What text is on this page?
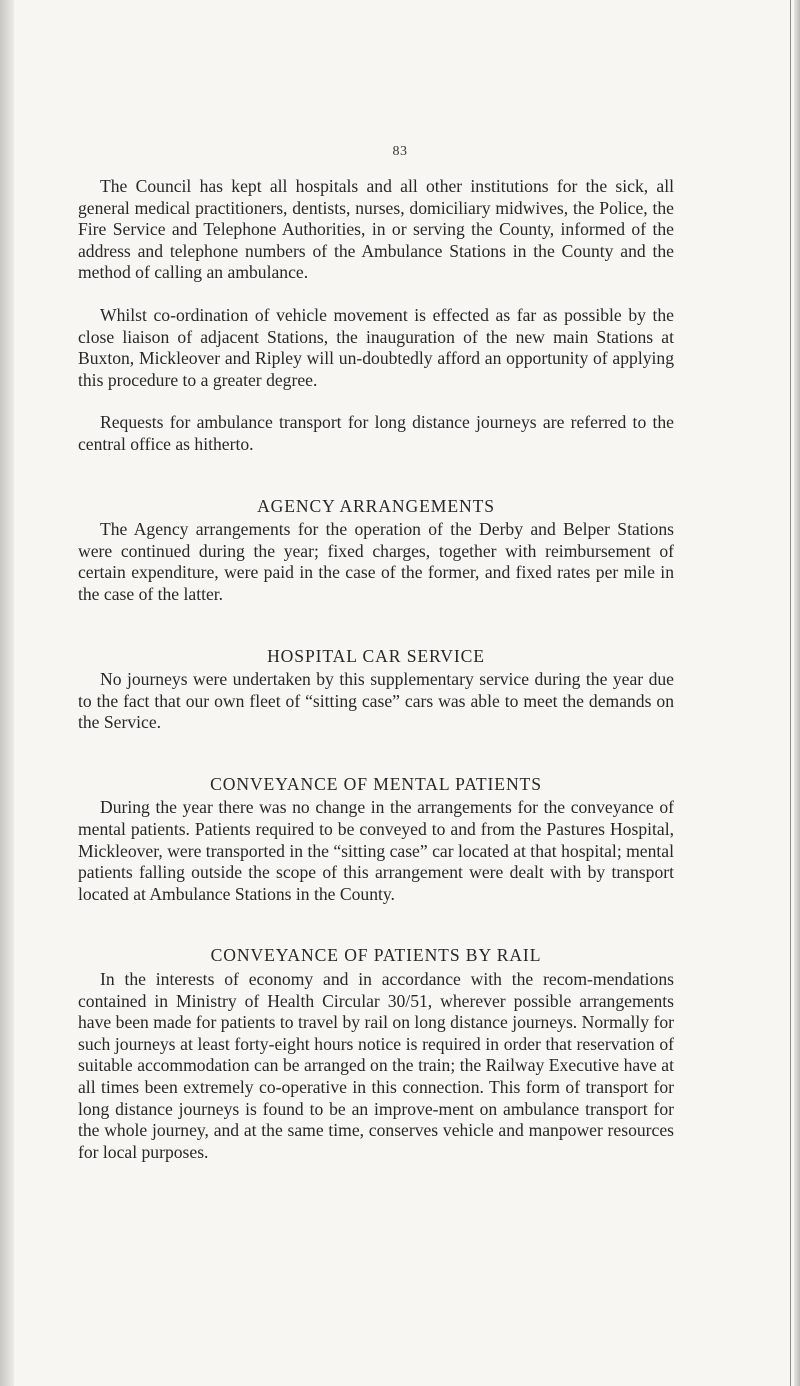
83

The Council has kept all hospitals and all other institutions for the sick, all general medical practitioners, dentists, nurses, domiciliary midwives, the Police, the Fire Service and Telephone Authorities, in or serving the County, informed of the address and telephone numbers of the Ambulance Stations in the County and the method of calling an ambulance.

Whilst co-ordination of vehicle movement is effected as far as possible by the close liaison of adjacent Stations, the inauguration of the new main Stations at Buxton, Mickleover and Ripley will un-doubtedly afford an opportunity of applying this procedure to a greater degree.

Requests for ambulance transport for long distance journeys are referred to the central office as hitherto.

AGENCY ARRANGEMENTS

The Agency arrangements for the operation of the Derby and Belper Stations were continued during the year; fixed charges, together with reimbursement of certain expenditure, were paid in the case of the former, and fixed rates per mile in the case of the latter.

HOSPITAL CAR SERVICE

No journeys were undertaken by this supplementary service during the year due to the fact that our own fleet of “sitting case” cars was able to meet the demands on the Service.

CONVEYANCE OF MENTAL PATIENTS

During the year there was no change in the arrangements for the conveyance of mental patients. Patients required to be conveyed to and from the Pastures Hospital, Mickleover, were transported in the “sitting case” car located at that hospital; mental patients falling outside the scope of this arrangement were dealt with by transport located at Ambulance Stations in the County.

CONVEYANCE OF PATIENTS BY RAIL

In the interests of economy and in accordance with the recom-mendations contained in Ministry of Health Circular 30/51, wherever possible arrangements have been made for patients to travel by rail on long distance journeys. Normally for such journeys at least forty-eight hours notice is required in order that reservation of suitable accommodation can be arranged on the train; the Railway Executive have at all times been extremely co-operative in this connection. This form of transport for long distance journeys is found to be an improve-ment on ambulance transport for the whole journey, and at the same time, conserves vehicle and manpower resources for local purposes.
